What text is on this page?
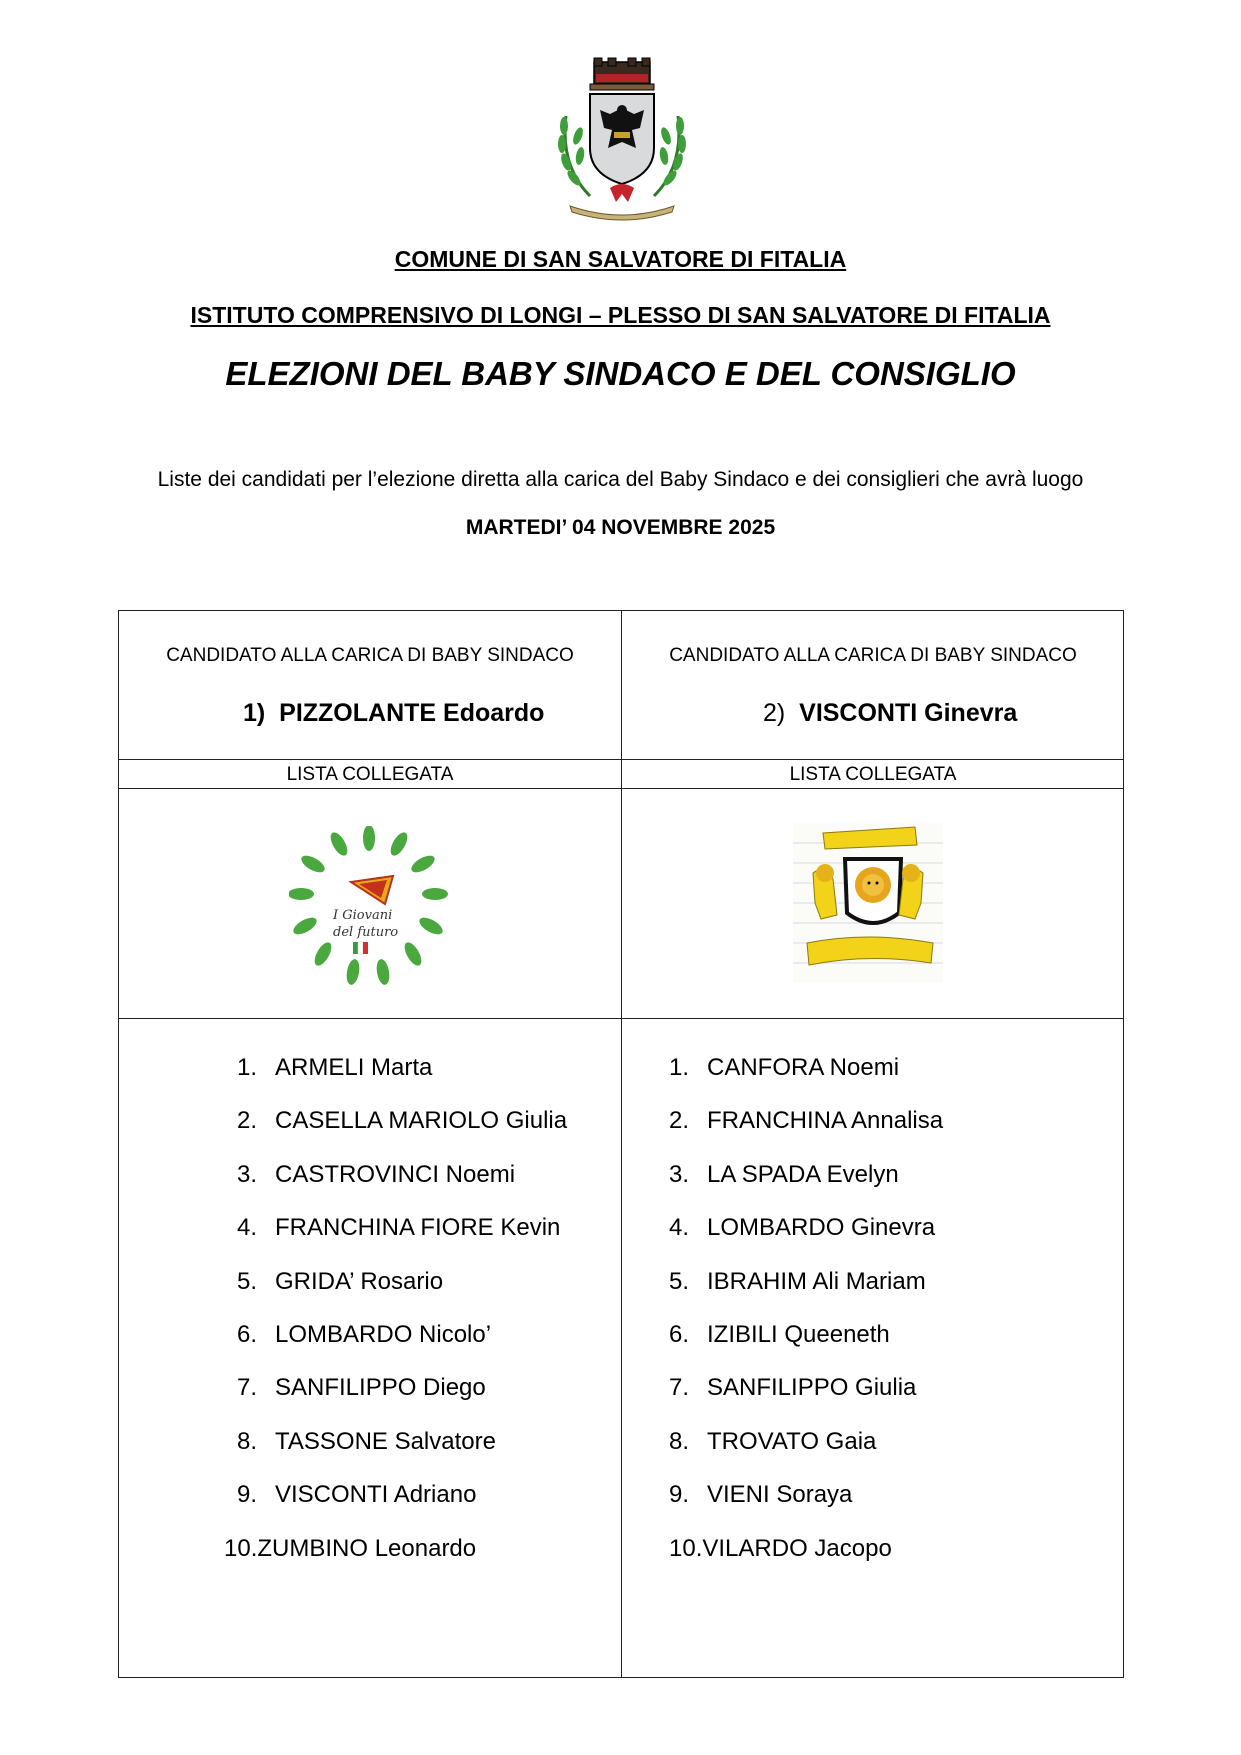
COMUNE DI SAN SALVATORE DI FITALIA
ISTITUTO COMPRENSIVO DI LONGI – PLESSO DI SAN SALVATORE DI FITALIA
ELEZIONI DEL BABY SINDACO E DEL CONSIGLIO
Liste dei candidati per l’elezione diretta alla carica del Baby Sindaco e dei consiglieri che avrà luogo
MARTEDI’ 04 NOVEMBRE 2025
CANDIDATO ALLA CARICA DI BABY SINDACO
1) PIZZOLANTE Edoardo
LISTA COLLEGATA
I Giovani
del futuro
1. ARMELI Marta
2. CASELLA MARIOLO Giulia
3. CASTROVINCI Noemi
4. FRANCHINA FIORE Kevin
5. GRIDA’ Rosario
6. LOMBARDO Nicolo’
7. SANFILIPPO Diego
8. TASSONE Salvatore
9. VISCONTI Adriano
10.ZUMBINO Leonardo
CANDIDATO ALLA CARICA DI BABY SINDACO
2) VISCONTI Ginevra
LISTA COLLEGATA
1. CANFORA Noemi
2. FRANCHINA Annalisa
3. LA SPADA Evelyn
4. LOMBARDO Ginevra
5. IBRAHIM Ali Mariam
6. IZIBILI Queeneth
7. SANFILIPPO Giulia
8. TROVATO Gaia
9. VIENI Soraya
10.VILARDO Jacopo
